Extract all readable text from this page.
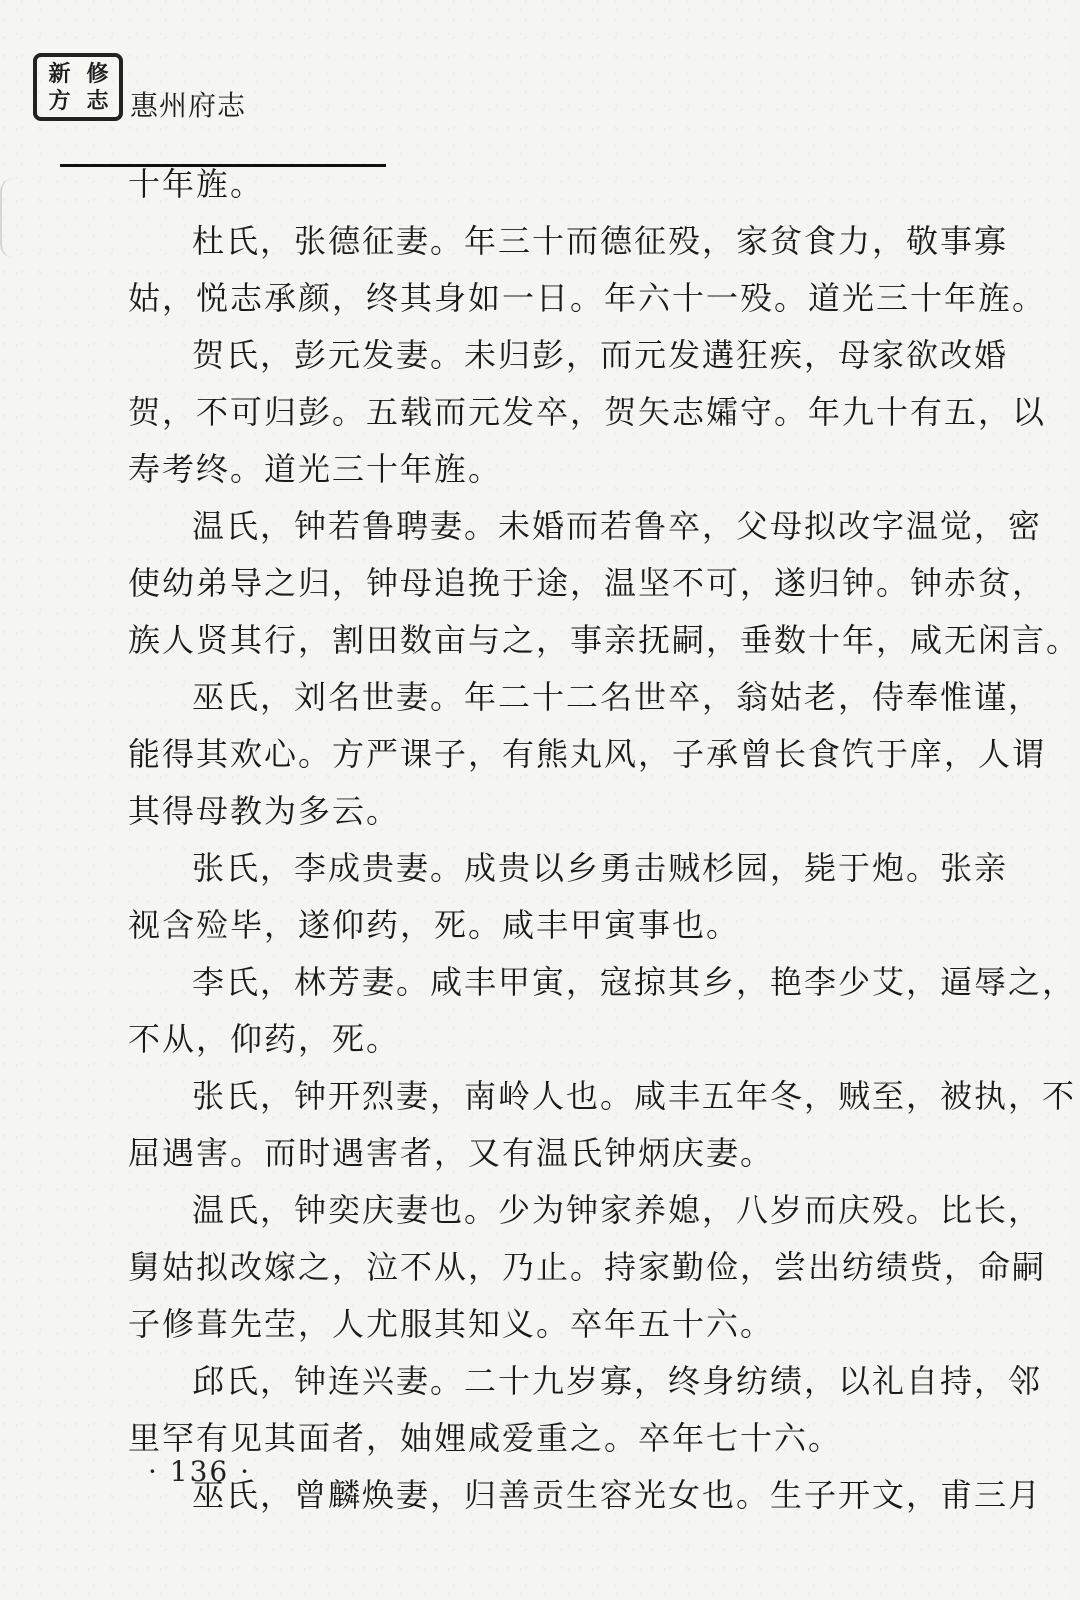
新 修
方 志 惠州府志
十年旌。
杜氏，张德征妻。年三十而德征殁，家贫食力，敬事寡
姑，悦志承颜，终其身如一日。年六十一殁。道光三十年旌。
贺氏，彭元发妻。未归彭，而元发遘狂疾，母家欲改婚
贺，不可归彭。五载而元发卒，贺矢志孀守。年九十有五，以
寿考终。道光三十年旌。
温氏，钟若鲁聘妻。未婚而若鲁卒，父母拟改字温觉，密
使幼弟导之归，钟母追挽于途，温坚不可，遂归钟。钟赤贫，
族人贤其行，割田数亩与之，事亲抚嗣，垂数十年，咸无闲言。
巫氏，刘名世妻。年二十二名世卒，翁姑老，侍奉惟谨，
能得其欢心。方严课子，有熊丸风，子承曾长食饩于庠，人谓
其得母教为多云。
张氏，李成贵妻。成贵以乡勇击贼杉园，毙于炮。张亲
视含殓毕，遂仰药，死。咸丰甲寅事也。
李氏，林芳妻。咸丰甲寅，寇掠其乡，艳李少艾，逼辱之，
不从，仰药，死。
张氏，钟开烈妻，南岭人也。咸丰五年冬，贼至，被执，不
屈遇害。而时遇害者，又有温氏钟炳庆妻。
温氏，钟奕庆妻也。少为钟家养媳，八岁而庆殁。比长，
舅姑拟改嫁之，泣不从，乃止。持家勤俭，尝出纺绩赀，命嗣
子修葺先茔，人尤服其知义。卒年五十六。
邱氏，钟连兴妻。二十九岁寡，终身纺绩，以礼自持，邻
里罕有见其面者，妯娌咸爱重之。卒年七十六。
巫氏，曾麟焕妻，归善贡生容光女也。生子开文，甫三月
· 136 ·
